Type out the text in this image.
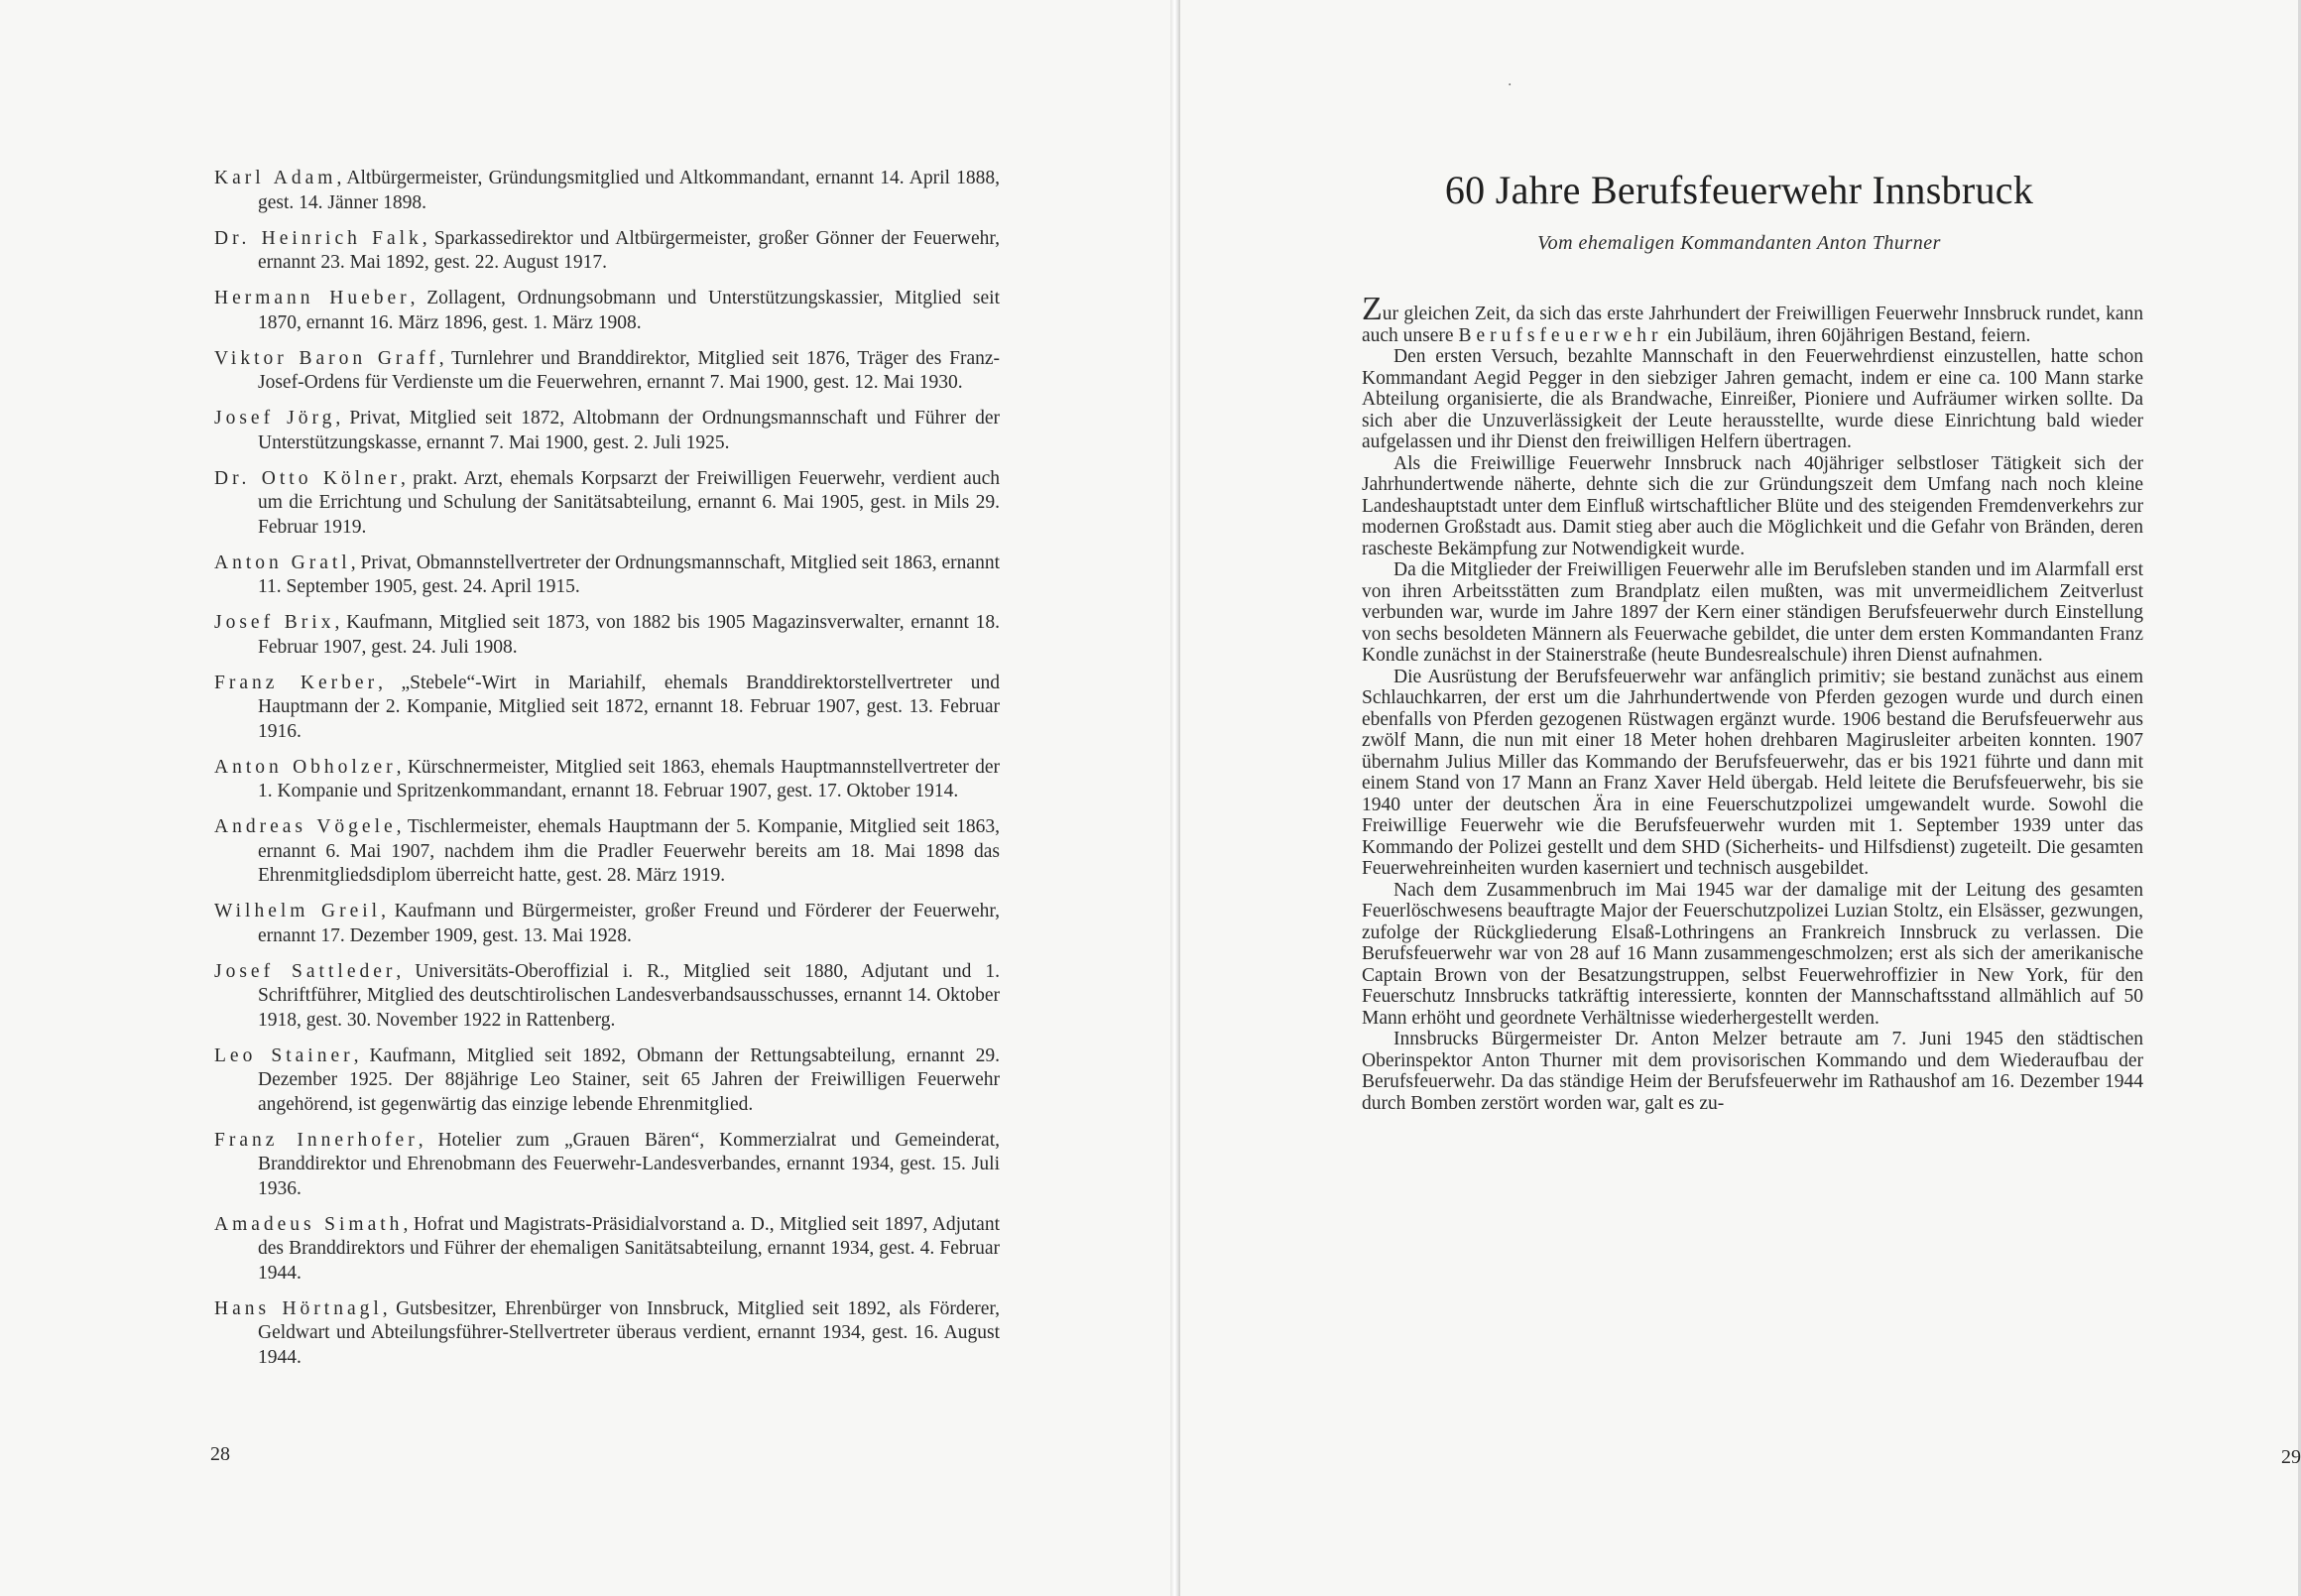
Karl Adam, Altbürgermeister, Gründungsmitglied und Altkommandant, ernannt 14. April 1888, gest. 14. Jänner 1898.

Dr. Heinrich Falk, Sparkassedirektor und Altbürgermeister, großer Gönner der Feuerwehr, ernannt 23. Mai 1892, gest. 22. August 1917.

Hermann Hueber, Zollagent, Ordnungsobmann und Unterstützungskassier, Mitglied seit 1870, ernannt 16. März 1896, gest. 1. März 1908.

Viktor Baron Graff, Turnlehrer und Branddirektor, Mitglied seit 1876, Träger des Franz-Josef-Ordens für Verdienste um die Feuerwehren, ernannt 7. Mai 1900, gest. 12. Mai 1930.

Josef Jörg, Privat, Mitglied seit 1872, Altobmann der Ordnungsmannschaft und Führer der Unterstützungskasse, ernannt 7. Mai 1900, gest. 2. Juli 1925.

Dr. Otto Kölner, prakt. Arzt, ehemals Korpsarzt der Freiwilligen Feuerwehr, verdient auch um die Errichtung und Schulung der Sanitätsabteilung, ernannt 6. Mai 1905, gest. in Mils 29. Februar 1919.

Anton Gratl, Privat, Obmannstellvertreter der Ordnungsmannschaft, Mitglied seit 1863, ernannt 11. September 1905, gest. 24. April 1915.

Josef Brix, Kaufmann, Mitglied seit 1873, von 1882 bis 1905 Magazinsverwalter, ernannt 18. Februar 1907, gest. 24. Juli 1908.

Franz Kerber, „Stebele“-Wirt in Mariahilf, ehemals Branddirektorstellvertreter und Hauptmann der 2. Kompanie, Mitglied seit 1872, ernannt 18. Februar 1907, gest. 13. Februar 1916.

Anton Obholzer, Kürschnermeister, Mitglied seit 1863, ehemals Hauptmannstellvertreter der 1. Kompanie und Spritzenkommandant, ernannt 18. Februar 1907, gest. 17. Oktober 1914.

Andreas Vögele, Tischlermeister, ehemals Hauptmann der 5. Kompanie, Mitglied seit 1863, ernannt 6. Mai 1907, nachdem ihm die Pradler Feuerwehr bereits am 18. Mai 1898 das Ehrenmitgliedsdiplom überreicht hatte, gest. 28. März 1919.

Wilhelm Greil, Kaufmann und Bürgermeister, großer Freund und Förderer der Feuerwehr, ernannt 17. Dezember 1909, gest. 13. Mai 1928.

Josef Sattleder, Universitäts-Oberoffizial i. R., Mitglied seit 1880, Adjutant und 1. Schriftführer, Mitglied des deutschtirolischen Landesverbandsausschusses, ernannt 14. Oktober 1918, gest. 30. November 1922 in Rattenberg.

Leo Stainer, Kaufmann, Mitglied seit 1892, Obmann der Rettungsabteilung, ernannt 29. Dezember 1925. Der 88jährige Leo Stainer, seit 65 Jahren der Freiwilligen Feuerwehr angehörend, ist gegenwärtig das einzige lebende Ehrenmitglied.

Franz Innerhofer, Hotelier zum „Grauen Bären“, Kommerzialrat und Gemeinderat, Branddirektor und Ehrenobmann des Feuerwehr-Landesverbandes, ernannt 1934, gest. 15. Juli 1936.

Amadeus Simath, Hofrat und Magistrats-Präsidialvorstand a. D., Mitglied seit 1897, Adjutant des Branddirektors und Führer der ehemaligen Sanitätsabteilung, ernannt 1934, gest. 4. Februar 1944.

Hans Hörtnagl, Gutsbesitzer, Ehrenbürger von Innsbruck, Mitglied seit 1892, als Förderer, Geldwart und Abteilungsführer-Stellvertreter überaus verdient, ernannt 1934, gest. 16. August 1944.

28
·
60 Jahre Berufsfeuerwehr Innsbruck
Vom ehemaligen Kommandanten Anton Thurner

Zur gleichen Zeit, da sich das erste Jahrhundert der Freiwilligen Feuerwehr Innsbruck rundet, kann auch unsere Berufsfeuerwehr ein Jubiläum, ihren 60jährigen Bestand, feiern.

Den ersten Versuch, bezahlte Mannschaft in den Feuerwehrdienst einzustellen, hatte schon Kommandant Aegid Pegger in den siebziger Jahren gemacht, indem er eine ca. 100 Mann starke Abteilung organisierte, die als Brandwache, Einreißer, Pioniere und Aufräumer wirken sollte. Da sich aber die Unzuverlässigkeit der Leute herausstellte, wurde diese Einrichtung bald wieder aufgelassen und ihr Dienst den freiwilligen Helfern übertragen.

Als die Freiwillige Feuerwehr Innsbruck nach 40jähriger selbstloser Tätigkeit sich der Jahrhundertwende näherte, dehnte sich die zur Gründungszeit dem Umfang nach noch kleine Landeshauptstadt unter dem Einfluß wirtschaftlicher Blüte und des steigenden Fremdenverkehrs zur modernen Großstadt aus. Damit stieg aber auch die Möglichkeit und die Gefahr von Bränden, deren rascheste Bekämpfung zur Notwendigkeit wurde.

Da die Mitglieder der Freiwilligen Feuerwehr alle im Berufsleben standen und im Alarmfall erst von ihren Arbeitsstätten zum Brandplatz eilen mußten, was mit unvermeidlichem Zeitverlust verbunden war, wurde im Jahre 1897 der Kern einer ständigen Berufsfeuerwehr durch Einstellung von sechs besoldeten Männern als Feuerwache gebildet, die unter dem ersten Kommandanten Franz Kondle zunächst in der Stainerstraße (heute Bundesrealschule) ihren Dienst aufnahmen.

Die Ausrüstung der Berufsfeuerwehr war anfänglich primitiv; sie bestand zunächst aus einem Schlauchkarren, der erst um die Jahrhundertwende von Pferden gezogen wurde und durch einen ebenfalls von Pferden gezogenen Rüstwagen ergänzt wurde. 1906 bestand die Berufsfeuerwehr aus zwölf Mann, die nun mit einer 18 Meter hohen drehbaren Magirusleiter arbeiten konnten. 1907 übernahm Julius Miller das Kommando der Berufsfeuerwehr, das er bis 1921 führte und dann mit einem Stand von 17 Mann an Franz Xaver Held übergab. Held leitete die Berufsfeuerwehr, bis sie 1940 unter der deutschen Ära in eine Feuerschutzpolizei umgewandelt wurde. Sowohl die Freiwillige Feuerwehr wie die Berufsfeuerwehr wurden mit 1. September 1939 unter das Kommando der Polizei gestellt und dem SHD (Sicherheits- und Hilfsdienst) zugeteilt. Die gesamten Feuerwehreinheiten wurden kaserniert und technisch ausgebildet.

Nach dem Zusammenbruch im Mai 1945 war der damalige mit der Leitung des gesamten Feuerlöschwesens beauftragte Major der Feuerschutzpolizei Luzian Stoltz, ein Elsässer, gezwungen, zufolge der Rückgliederung Elsaß-Lothringens an Frankreich Innsbruck zu verlassen. Die Berufsfeuerwehr war von 28 auf 16 Mann zusammengeschmolzen; erst als sich der amerikanische Captain Brown von der Besatzungstruppen, selbst Feuerwehroffizier in New York, für den Feuerschutz Innsbrucks tatkräftig interessierte, konnten der Mannschaftsstand allmählich auf 50 Mann erhöht und geordnete Verhältnisse wiederhergestellt werden.

Innsbrucks Bürgermeister Dr. Anton Melzer betraute am 7. Juni 1945 den städtischen Oberinspektor Anton Thurner mit dem provisorischen Kommando und dem Wiederaufbau der Berufsfeuerwehr. Da das ständige Heim der Berufsfeuerwehr im Rathaushof am 16. Dezember 1944 durch Bomben zerstört worden war, galt es zu-

29
